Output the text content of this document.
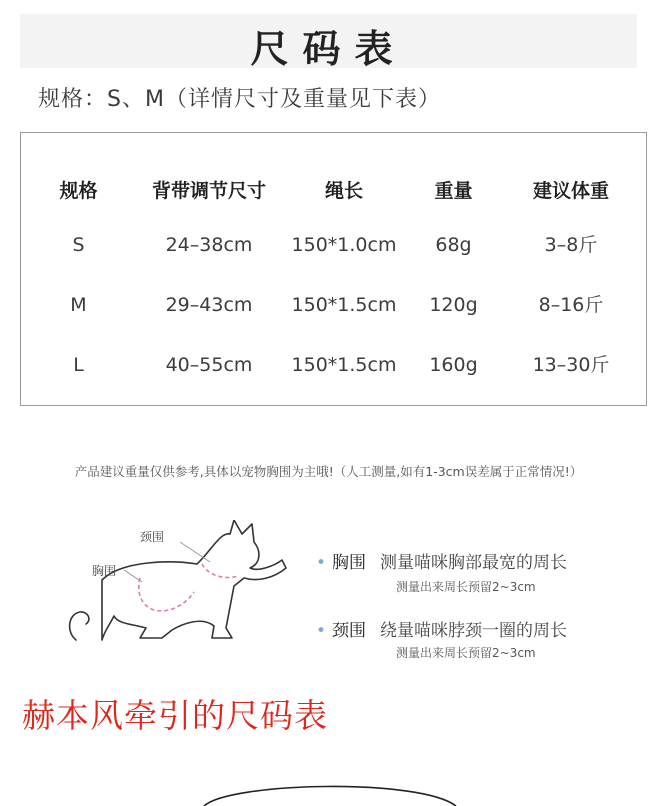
尺码表
规格：S、M（详情尺寸及重量见下表）
规格	背带调节尺寸	绳长	重量	建议体重
S	24–38cm	150*1.0cm	68g	3–8斤
M	29–43cm	150*1.5cm	120g	8–16斤
L	40–55cm	150*1.5cm	160g	13–30斤
产品建议重量仅供参考,具体以宠物胸围为主哦!（人工测量,如有1-3cm误差属于正常情况!）
颈围
胸围	• 胸围 测量喵咪胸部最宽的周长
测量出来周长预留2~3cm
• 颈围 绕量喵咪脖颈一圈的周长
测量出来周长预留2~3cm
赫本风牵引的尺码表
